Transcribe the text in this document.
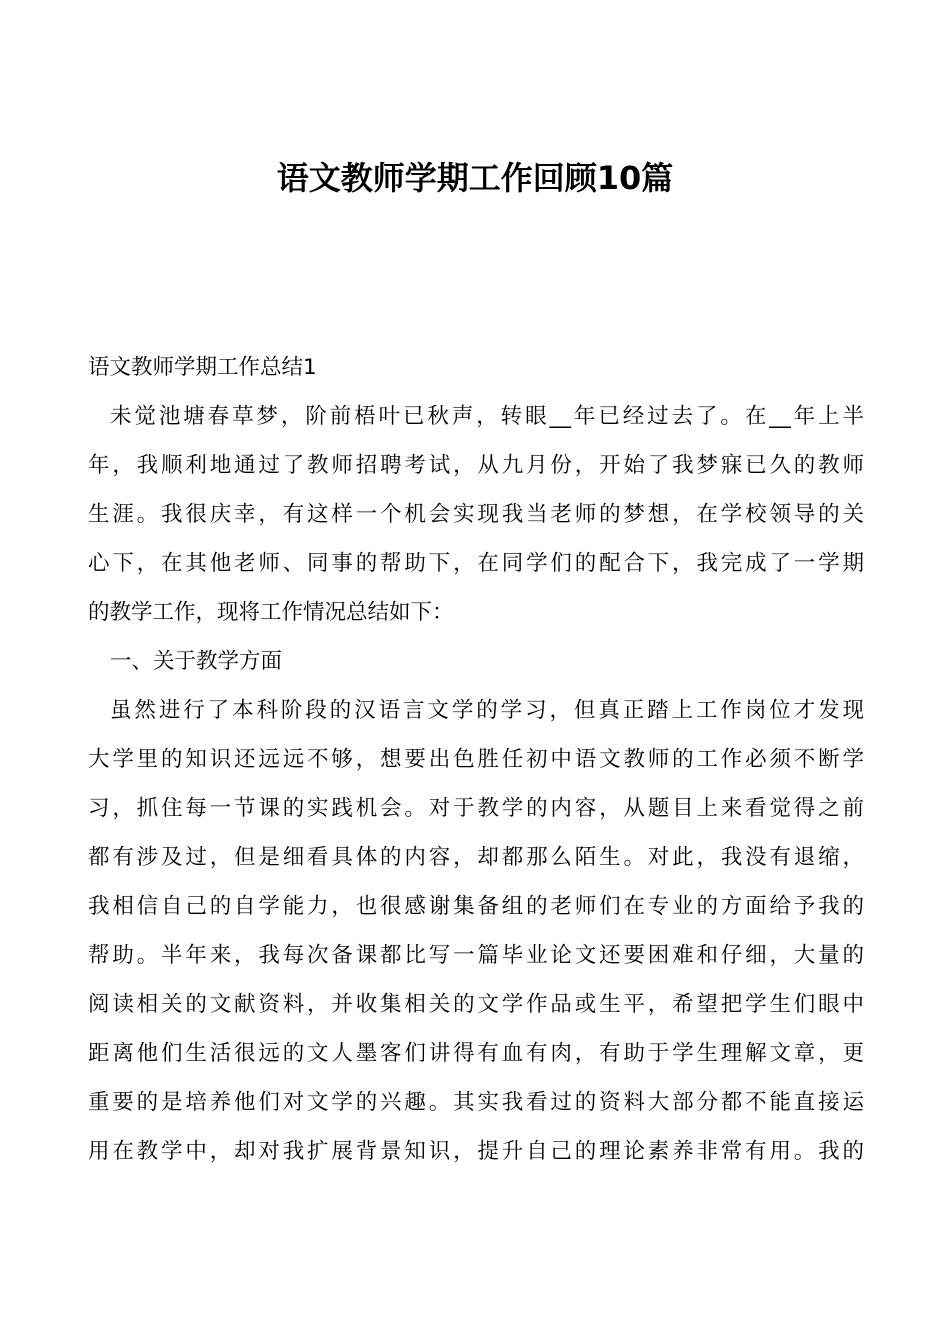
语文教师学期工作回顾10篇
语文教师学期工作总结1
未觉池塘春草梦，阶前梧叶已秋声，转眼__年已经过去了。在__年上半
年，我顺利地通过了教师招聘考试，从九月份，开始了我梦寐已久的教师
生涯。我很庆幸，有这样一个机会实现我当老师的梦想，在学校领导的关
心下，在其他老师、同事的帮助下，在同学们的配合下，我完成了一学期
的教学工作，现将工作情况总结如下：
一、关于教学方面
虽然进行了本科阶段的汉语言文学的学习，但真正踏上工作岗位才发现
大学里的知识还远远不够，想要出色胜任初中语文教师的工作必须不断学
习，抓住每一节课的实践机会。对于教学的内容，从题目上来看觉得之前
都有涉及过，但是细看具体的内容，却都那么陌生。对此，我没有退缩，
我相信自己的自学能力，也很感谢集备组的老师们在专业的方面给予我的
帮助。半年来，我每次备课都比写一篇毕业论文还要困难和仔细，大量的
阅读相关的文献资料，并收集相关的文学作品或生平，希望把学生们眼中
距离他们生活很远的文人墨客们讲得有血有肉，有助于学生理解文章，更
重要的是培养他们对文学的兴趣。其实我看过的资料大部分都不能直接运
用在教学中，却对我扩展背景知识，提升自己的理论素养非常有用。我的
